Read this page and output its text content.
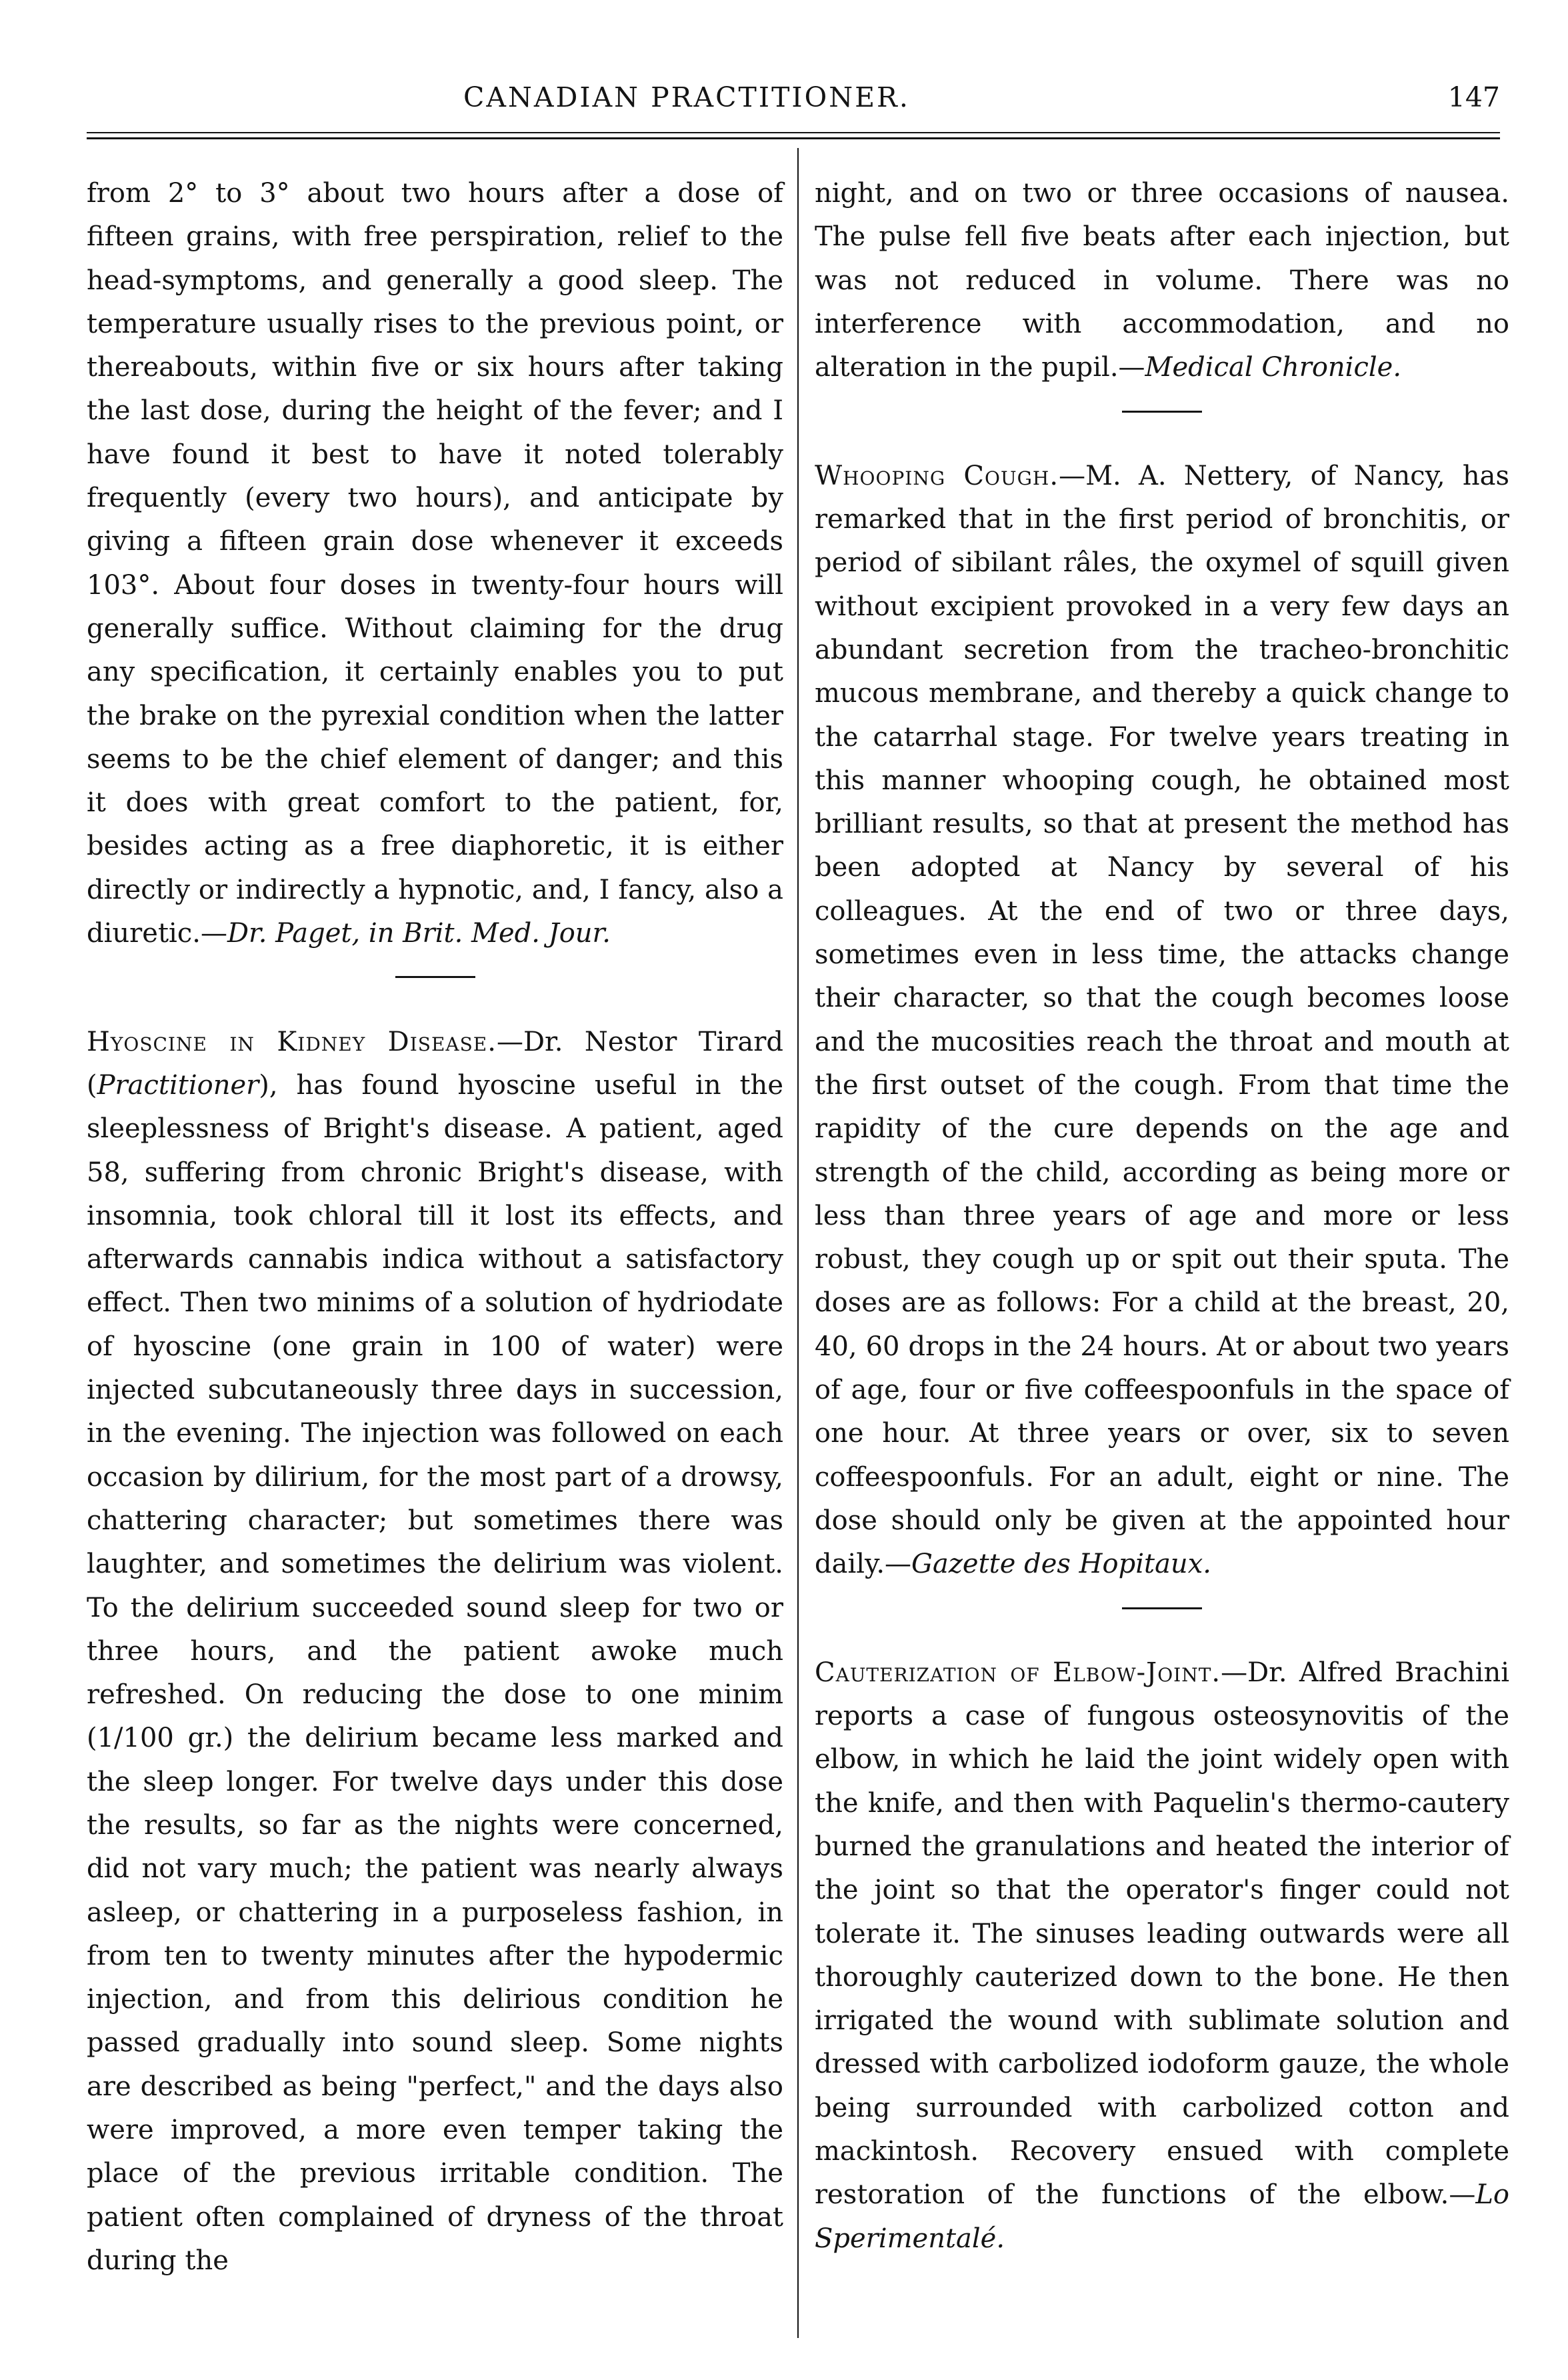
CANADIAN PRACTITIONER.	147

from 2° to 3° about two hours after a dose of fifteen grains, with free perspiration, relief to the head-symptoms, and generally a good sleep. The temperature usually rises to the previous point, or thereabouts, within five or six hours after taking the last dose, during the height of the fever; and I have found it best to have it noted tolerably frequently (every two hours), and anticipate by giving a fifteen grain dose whenever it exceeds 103°. About four doses in twenty-four hours will generally suffice. Without claiming for the drug any specification, it certainly enables you to put the brake on the pyrexial condition when the latter seems to be the chief element of danger; and this it does with great comfort to the patient, for, besides acting as a free diaphoretic, it is either directly or indirectly a hypnotic, and, I fancy, also a diuretic.—Dr. Paget, in Brit. Med. Jour.

Hyoscine in Kidney Disease.—Dr. Nestor Tirard (Practitioner), has found hyoscine useful in the sleeplessness of Bright's disease. A patient, aged 58, suffering from chronic Bright's disease, with insomnia, took chloral till it lost its effects, and afterwards cannabis indica without a satisfactory effect. Then two minims of a solution of hydriodate of hyoscine (one grain in 100 of water) were injected subcutaneously three days in succession, in the evening. The injection was followed on each occasion by dilirium, for the most part of a drowsy, chattering character; but sometimes there was laughter, and sometimes the delirium was violent. To the delirium succeeded sound sleep for two or three hours, and the patient awoke much refreshed. On reducing the dose to one minim (1/100 gr.) the delirium became less marked and the sleep longer. For twelve days under this dose the results, so far as the nights were concerned, did not vary much; the patient was nearly always asleep, or chattering in a purposeless fashion, in from ten to twenty minutes after the hypodermic injection, and from this delirious condition he passed gradually into sound sleep. Some nights are described as being "perfect," and the days also were improved, a more even temper taking the place of the previous irritable condition. The patient often complained of dryness of the throat during the

night, and on two or three occasions of nausea. The pulse fell five beats after each injection, but was not reduced in volume. There was no interference with accommodation, and no alteration in the pupil.—Medical Chronicle.

Whooping Cough.—M. A. Nettery, of Nancy, has remarked that in the first period of bronchitis, or period of sibilant râles, the oxymel of squill given without excipient provoked in a very few days an abundant secretion from the tracheo-bronchitic mucous membrane, and thereby a quick change to the catarrhal stage. For twelve years treating in this manner whooping cough, he obtained most brilliant results, so that at present the method has been adopted at Nancy by several of his colleagues. At the end of two or three days, sometimes even in less time, the attacks change their character, so that the cough becomes loose and the mucosities reach the throat and mouth at the first outset of the cough. From that time the rapidity of the cure depends on the age and strength of the child, according as being more or less than three years of age and more or less robust, they cough up or spit out their sputa. The doses are as follows: For a child at the breast, 20, 40, 60 drops in the 24 hours. At or about two years of age, four or five coffeespoonfuls in the space of one hour. At three years or over, six to seven coffeespoonfuls. For an adult, eight or nine. The dose should only be given at the appointed hour daily.—Gazette des Hopitaux.

Cauterization of Elbow-Joint.—Dr. Alfred Brachini reports a case of fungous osteosynovitis of the elbow, in which he laid the joint widely open with the knife, and then with Paquelin's thermo-cautery burned the granulations and heated the interior of the joint so that the operator's finger could not tolerate it. The sinuses leading outwards were all thoroughly cauterized down to the bone. He then irrigated the wound with sublimate solution and dressed with carbolized iodoform gauze, the whole being surrounded with carbolized cotton and mackintosh. Recovery ensued with complete restoration of the functions of the elbow.—Lo Sperimentalé.
